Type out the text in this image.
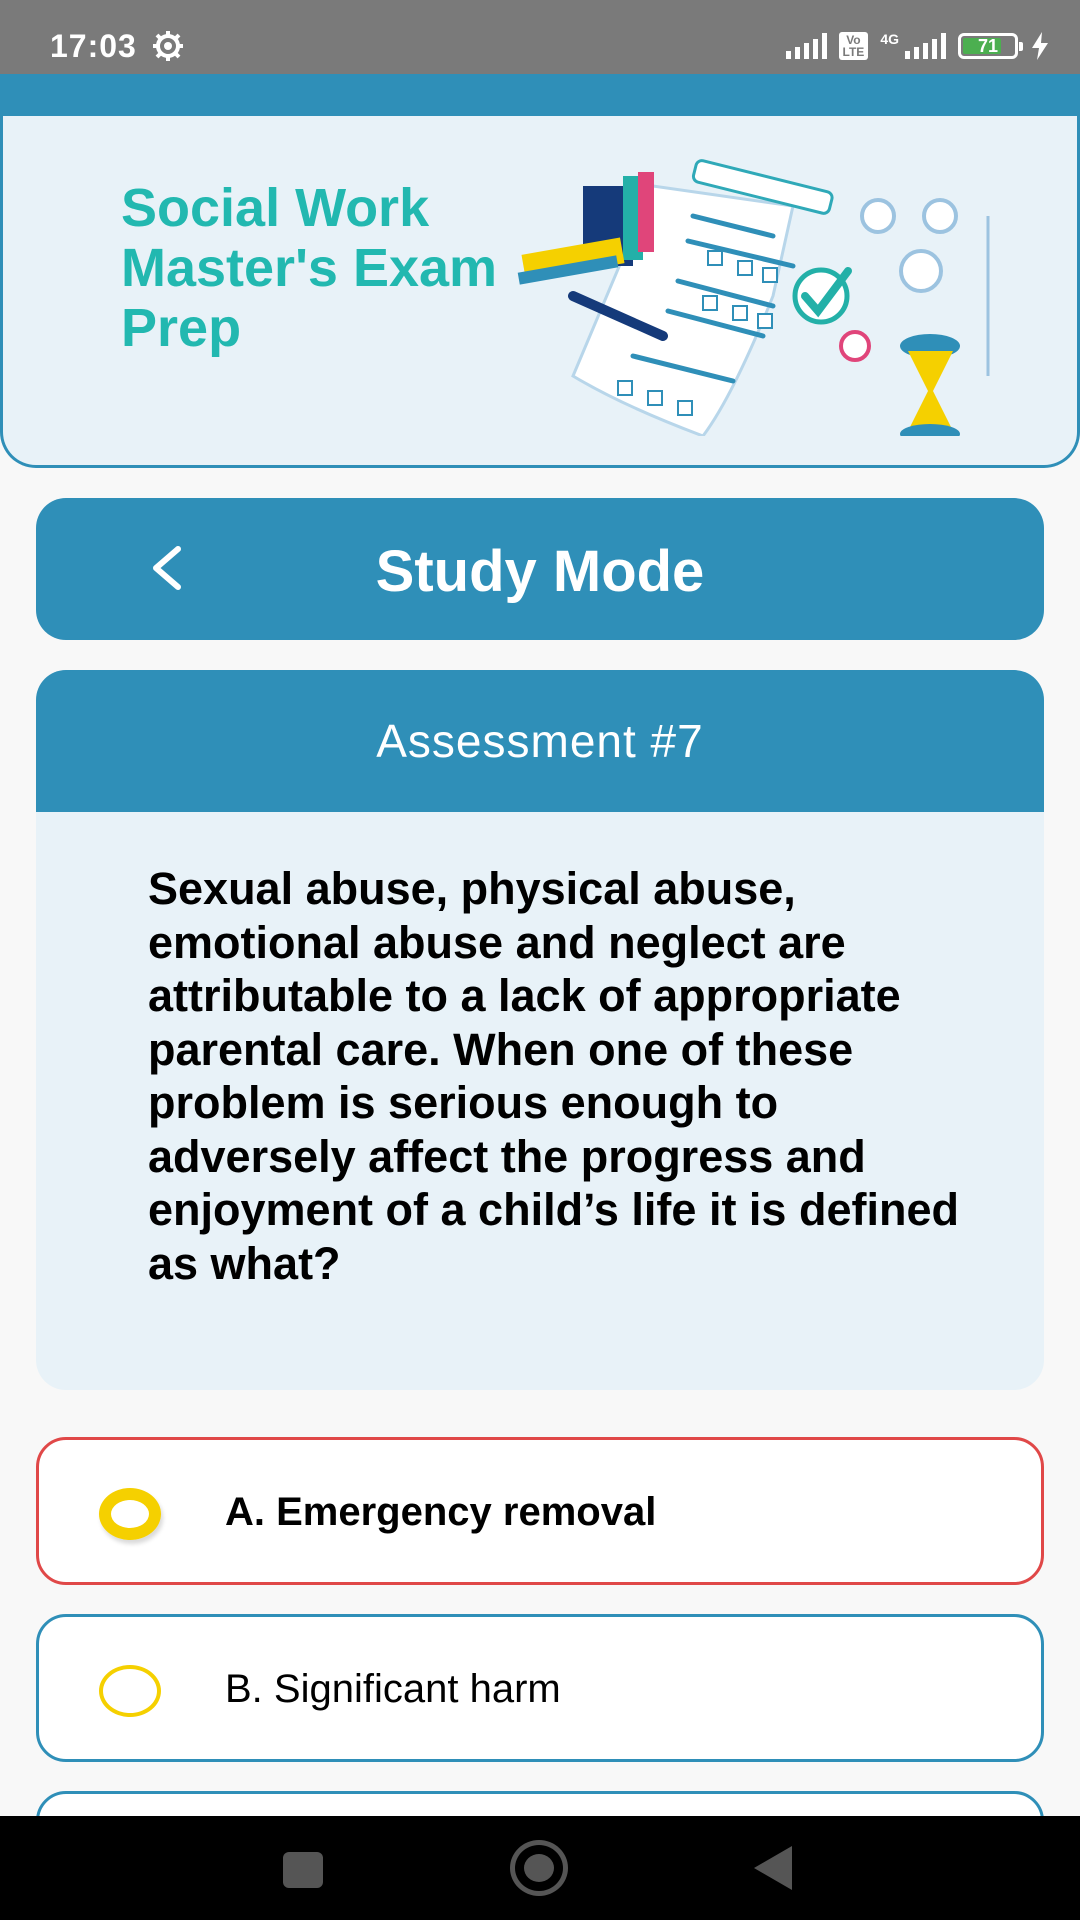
17:03	Vo
LTE
4G	71
Social Work Master's Exam Prep
Study Mode
Assessment #7
Sexual abuse, physical abuse, emotional abuse and neglect are attributable to a lack of appropriate parental care. When one of these problem is serious enough to adversely affect the progress and enjoyment of a child’s life it is defined as what?
A. Emergency removal
B. Significant harm
